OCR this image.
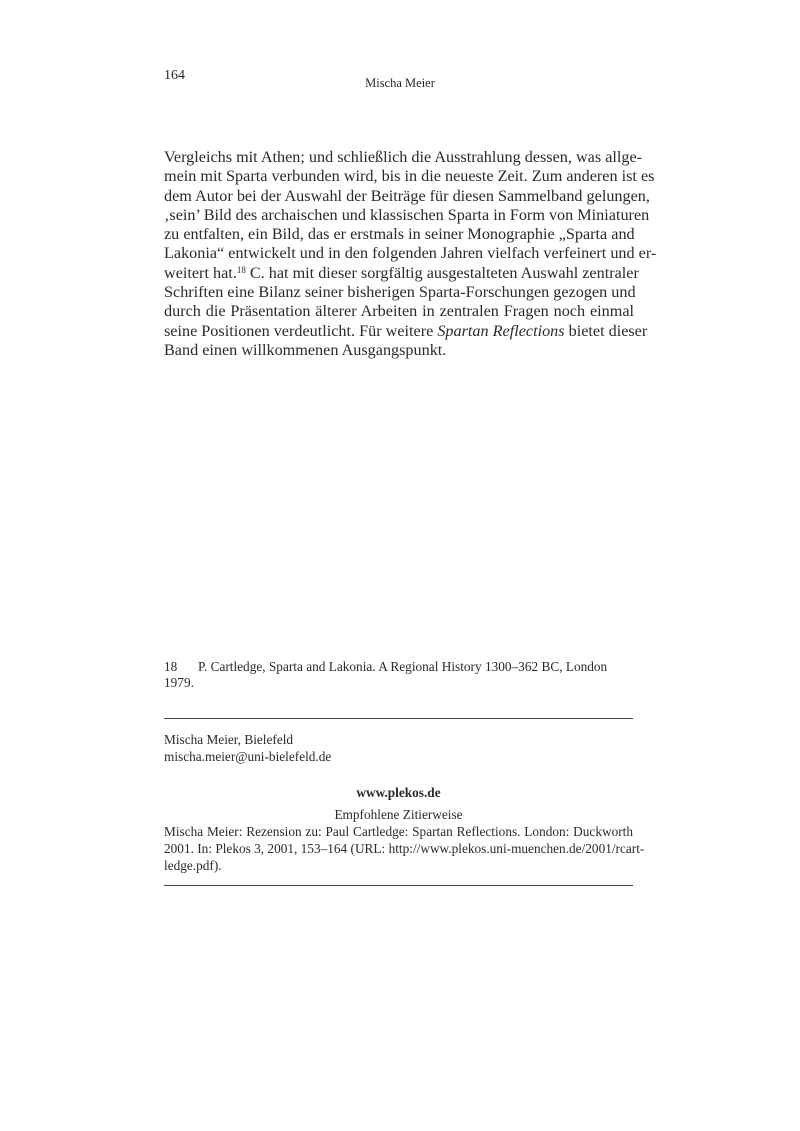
164	Mischa Meier
Vergleichs mit Athen; und schließlich die Ausstrahlung dessen, was allge-
mein mit Sparta verbunden wird, bis in die neueste Zeit. Zum anderen ist es
dem Autor bei der Auswahl der Beiträge für diesen Sammelband gelungen,
‚sein’ Bild des archaischen und klassischen Sparta in Form von Miniaturen
zu entfalten, ein Bild, das er erstmals in seiner Monographie „Sparta and
Lakonia“ entwickelt und in den folgenden Jahren vielfach verfeinert und er-
weitert hat.$^{18}$ C. hat mit dieser sorgfältig ausgestalteten Auswahl zentraler
Schriften eine Bilanz seiner bisherigen Sparta-Forschungen gezogen und
durch die Präsentation älterer Arbeiten in zentralen Fragen noch einmal
seine Positionen verdeutlicht. Für weitere Spartan Reflections bietet dieser
Band einen willkommenen Ausgangspunkt.
18 P. Cartledge, Sparta and Lakonia. A Regional History 1300–362 BC, London 1979.
Mischa Meier, Bielefeld
mischa.meier@uni-bielefeld.de
www.plekos.de
Empfohlene Zitierweise
Mischa Meier: Rezension zu: Paul Cartledge: Spartan Reflections. London: Duckworth
2001. In: Plekos 3, 2001, 153–164 (URL: http://www.plekos.uni-muenchen.de/2001/rcart-
ledge.pdf).
